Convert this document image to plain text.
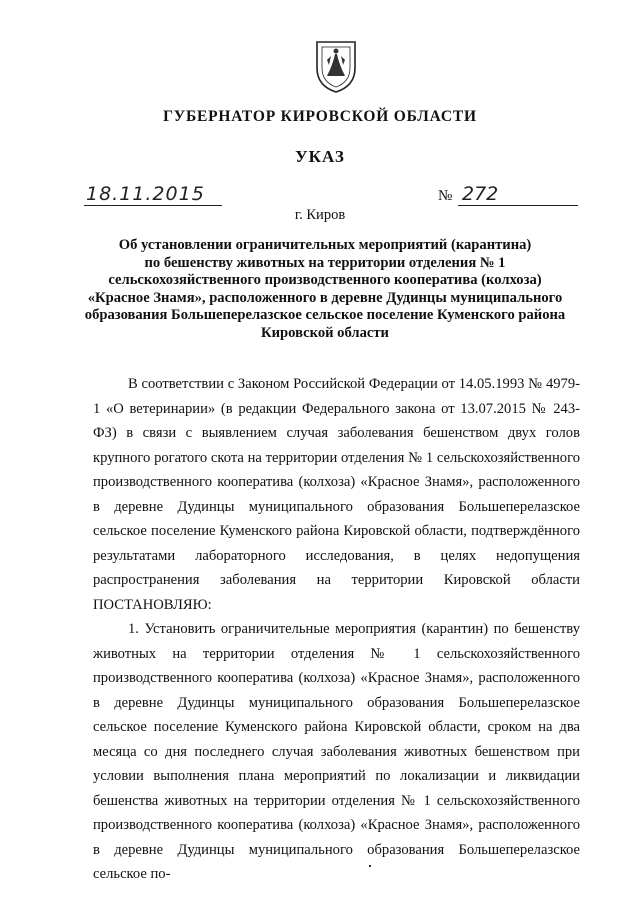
ГУБЕРНАТОР КИРОВСКОЙ ОБЛАСТИ
УКАЗ
18.11.2015	№ 272
г. Киров
Об установлении ограничительных мероприятий (карантина)
по бешенству животных на территории отделения № 1
сельскохозяйственного производственного кооператива (колхоза)
«Красное Знамя», расположенного в деревне Дудинцы муниципального
образования Большеперелазское сельское поселение Куменского района
Кировской области

В соответствии с Законом Российской Федерации от 14.05.1993 № 4979-1 «О ветеринарии» (в редакции Федерального закона от 13.07.2015 № 243-ФЗ) в связи с выявлением случая заболевания бешенством двух голов крупного рогатого скота на территории отделения № 1 сельскохозяйственного производственного кооператива (колхоза) «Красное Знамя», расположенного в деревне Дудинцы муниципального образования Большеперелазское сельское поселение Куменского района Кировской области, подтверждённого результатами лабораторного исследования, в целях недопущения распространения заболевания на территории Кировской области ПОСТАНОВЛЯЮ:

1. Установить ограничительные мероприятия (карантин) по бешенству животных на территории отделения № 1 сельскохозяйственного производственного кооператива (колхоза) «Красное Знамя», расположенного в деревне Дудинцы муниципального образования Большеперелазское сельское поселение Куменского района Кировской области, сроком на два месяца со дня последнего случая заболевания животных бешенством при условии выполнения плана мероприятий по локализации и ликвидации бешенства животных на территории отделения № 1 сельскохозяйственного производственного кооператива (колхоза) «Красное Знамя», расположенного в деревне Дудинцы муниципального образования Большеперелазское сельское по-
